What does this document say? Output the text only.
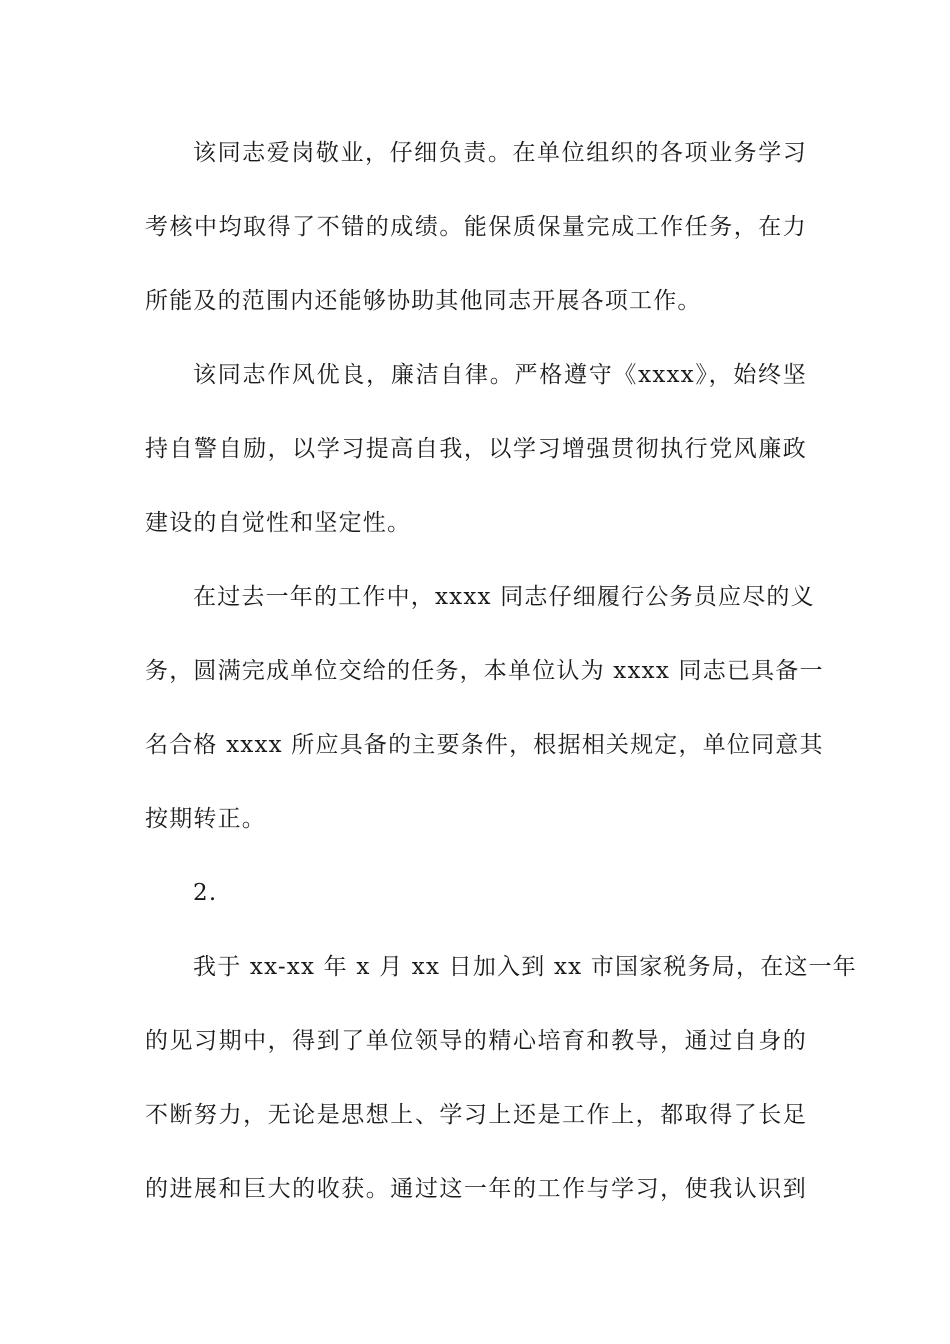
该同志爱岗敬业，仔细负责。在单位组织的各项业务学习
考核中均取得了不错的成绩。能保质保量完成工作任务，在力
所能及的范围内还能够协助其他同志开展各项工作。

该同志作风优良，廉洁自律。严格遵守《xxxx》，始终坚
持自警自励，以学习提高自我，以学习增强贯彻执行党风廉政
建设的自觉性和坚定性。

在过去一年的工作中，xxxx 同志仔细履行公务员应尽的义
务，圆满完成单位交给的任务，本单位认为 xxxx 同志已具备一
名合格 xxxx 所应具备的主要条件，根据相关规定，单位同意其
按期转正。

2.

我于 xx-xx 年 x 月 xx 日加入到 xx 市国家税务局，在这一年
的见习期中，得到了单位领导的精心培育和教导，通过自身的
不断努力，无论是思想上、学习上还是工作上，都取得了长足
的进展和巨大的收获。通过这一年的工作与学习，使我认识到
